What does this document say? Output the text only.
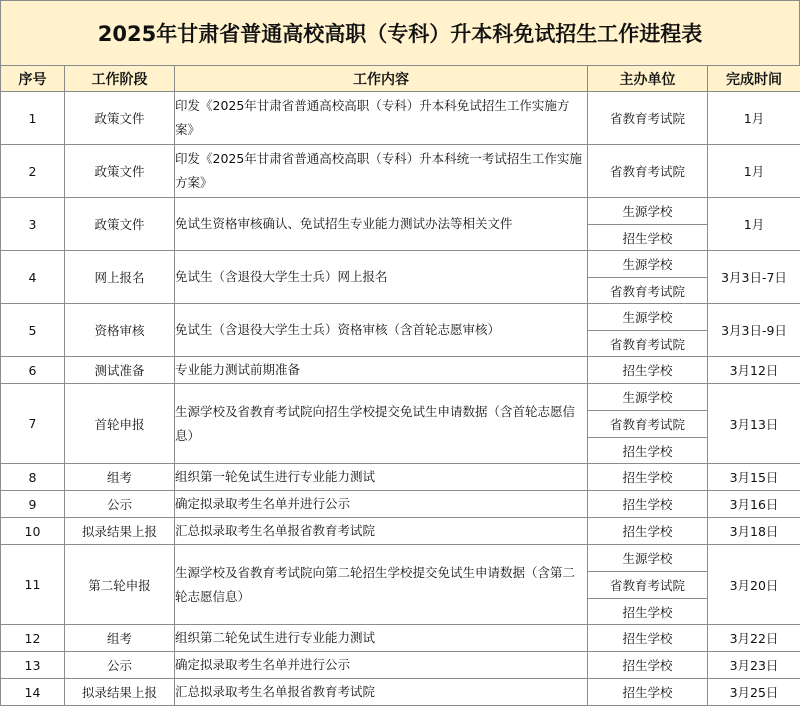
2025年甘肃省普通高校高职（专科）升本科免试招生工作进程表
序号	工作阶段	工作内容	主办单位	完成时间
1	政策文件	印发《2025年甘肃省普通高校高职（专科）升本科免试招生工作实施方案》	省教育考试院	1月
2	政策文件	印发《2025年甘肃省普通高校高职（专科）升本科统一考试招生工作实施方案》	省教育考试院	1月
3	政策文件	免试生资格审核确认、免试招生专业能力测试办法等相关文件	生源学校	1月
			招生学校	
4	网上报名	免试生（含退役大学生士兵）网上报名	生源学校	3月3日-7日
			省教育考试院	
5	资格审核	免试生（含退役大学生士兵）资格审核（含首轮志愿审核）	生源学校	3月3日-9日
			省教育考试院	
6	测试准备	专业能力测试前期准备	招生学校	3月12日
7	首轮申报	生源学校及省教育考试院向招生学校提交免试生申请数据（含首轮志愿信息）	生源学校	3月13日
			省教育考试院	
			招生学校	
8	组考	组织第一轮免试生进行专业能力测试	招生学校	3月15日
9	公示	确定拟录取考生名单并进行公示	招生学校	3月16日
10	拟录结果上报	汇总拟录取考生名单报省教育考试院	招生学校	3月18日
11	第二轮申报	生源学校及省教育考试院向第二轮招生学校提交免试生申请数据（含第二轮志愿信息）	生源学校	3月20日
			省教育考试院	
			招生学校	
12	组考	组织第二轮免试生进行专业能力测试	招生学校	3月22日
13	公示	确定拟录取考生名单并进行公示	招生学校	3月23日
14	拟录结果上报	汇总拟录取考生名单报省教育考试院	招生学校	3月25日
